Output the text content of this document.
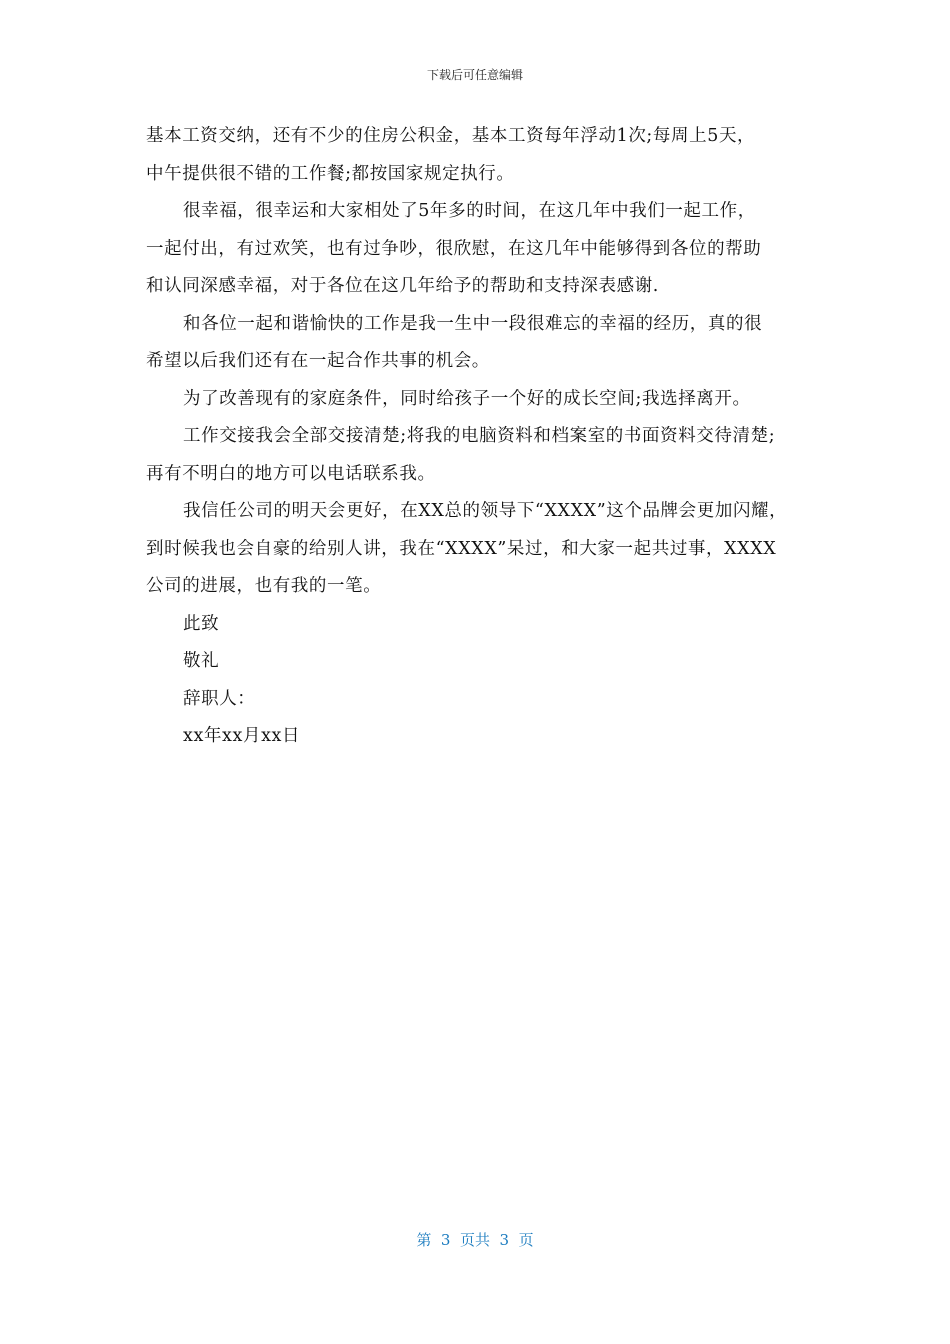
下载后可任意编辑
基本工资交纳，还有不少的住房公积金，基本工资每年浮动1次;每周上5天，
中午提供很不错的工作餐;都按国家规定执行。
很幸福，很幸运和大家相处了5年多的时间，在这几年中我们一起工作，
一起付出，有过欢笑，也有过争吵，很欣慰，在这几年中能够得到各位的帮助
和认同深感幸福，对于各位在这几年给予的帮助和支持深表感谢.
和各位一起和谐愉快的工作是我一生中一段很难忘的幸福的经历，真的很
希望以后我们还有在一起合作共事的机会。
为了改善现有的家庭条件，同时给孩子一个好的成长空间;我选择离开。
工作交接我会全部交接清楚;将我的电脑资料和档案室的书面资料交待清楚;
再有不明白的地方可以电话联系我。
我信任公司的明天会更好，在XX总的领导下“XXXX”这个品牌会更加闪耀，
到时候我也会自豪的给别人讲，我在“XXXX”呆过，和大家一起共过事，XXXX
公司的进展，也有我的一笔。
此致
敬礼
辞职人：
xx年xx月xx日
第  3  页共  3  页
